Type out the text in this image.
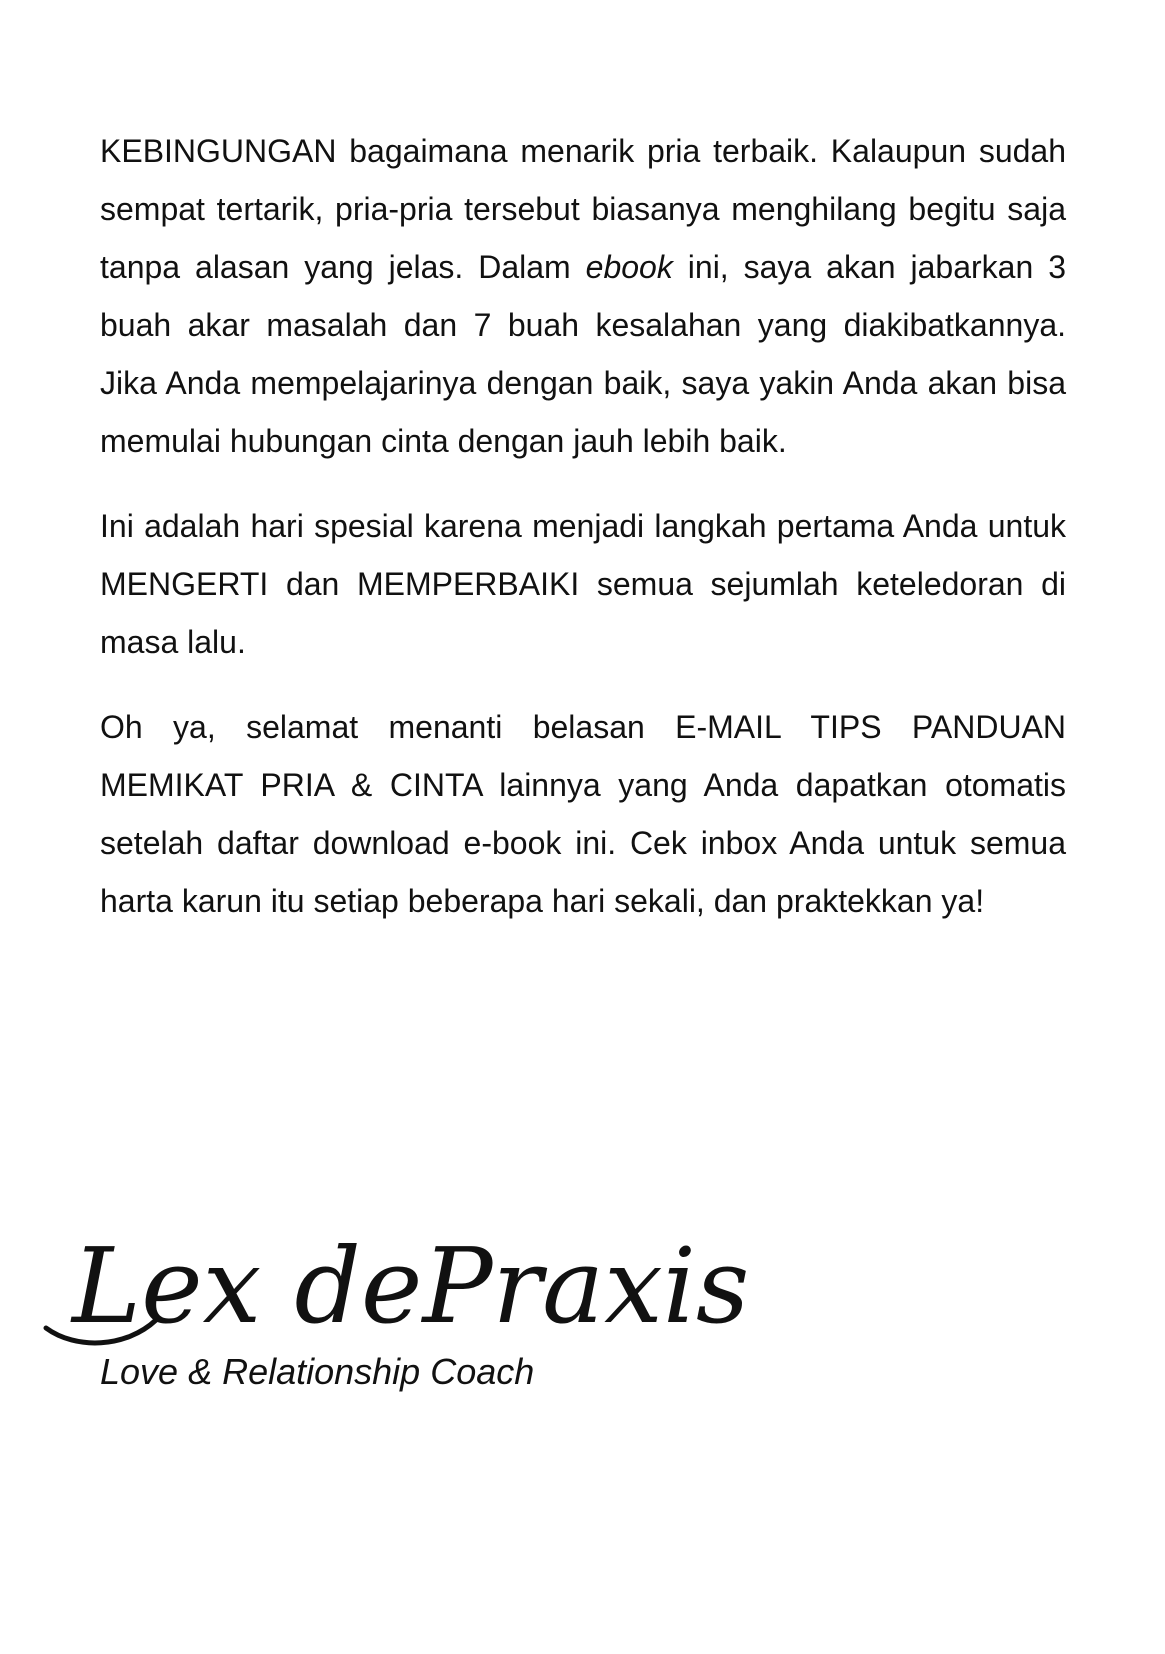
KEBINGUNGAN bagaimana menarik pria terbaik. Kalaupun sudah sempat tertarik, pria-pria tersebut biasanya menghilang begitu saja tanpa alasan yang jelas. Dalam ebook ini, saya akan jabarkan 3 buah akar masalah dan 7 buah kesalahan yang diakibatkannya. Jika Anda mempelajarinya dengan baik, saya yakin Anda akan bisa memulai hubungan cinta dengan jauh lebih baik.

Ini adalah hari spesial karena menjadi langkah pertama Anda untuk MENGERTI dan MEMPERBAIKI semua sejumlah keteledoran di masa lalu.

Oh ya, selamat menanti belasan E-MAIL TIPS PANDUAN MEMIKAT PRIA & CINTA lainnya yang Anda dapatkan otomatis setelah daftar download e-book ini. Cek inbox Anda untuk semua harta karun itu setiap beberapa hari sekali, dan praktekkan ya!

Lex dePraxis
Love & Relationship Coach
